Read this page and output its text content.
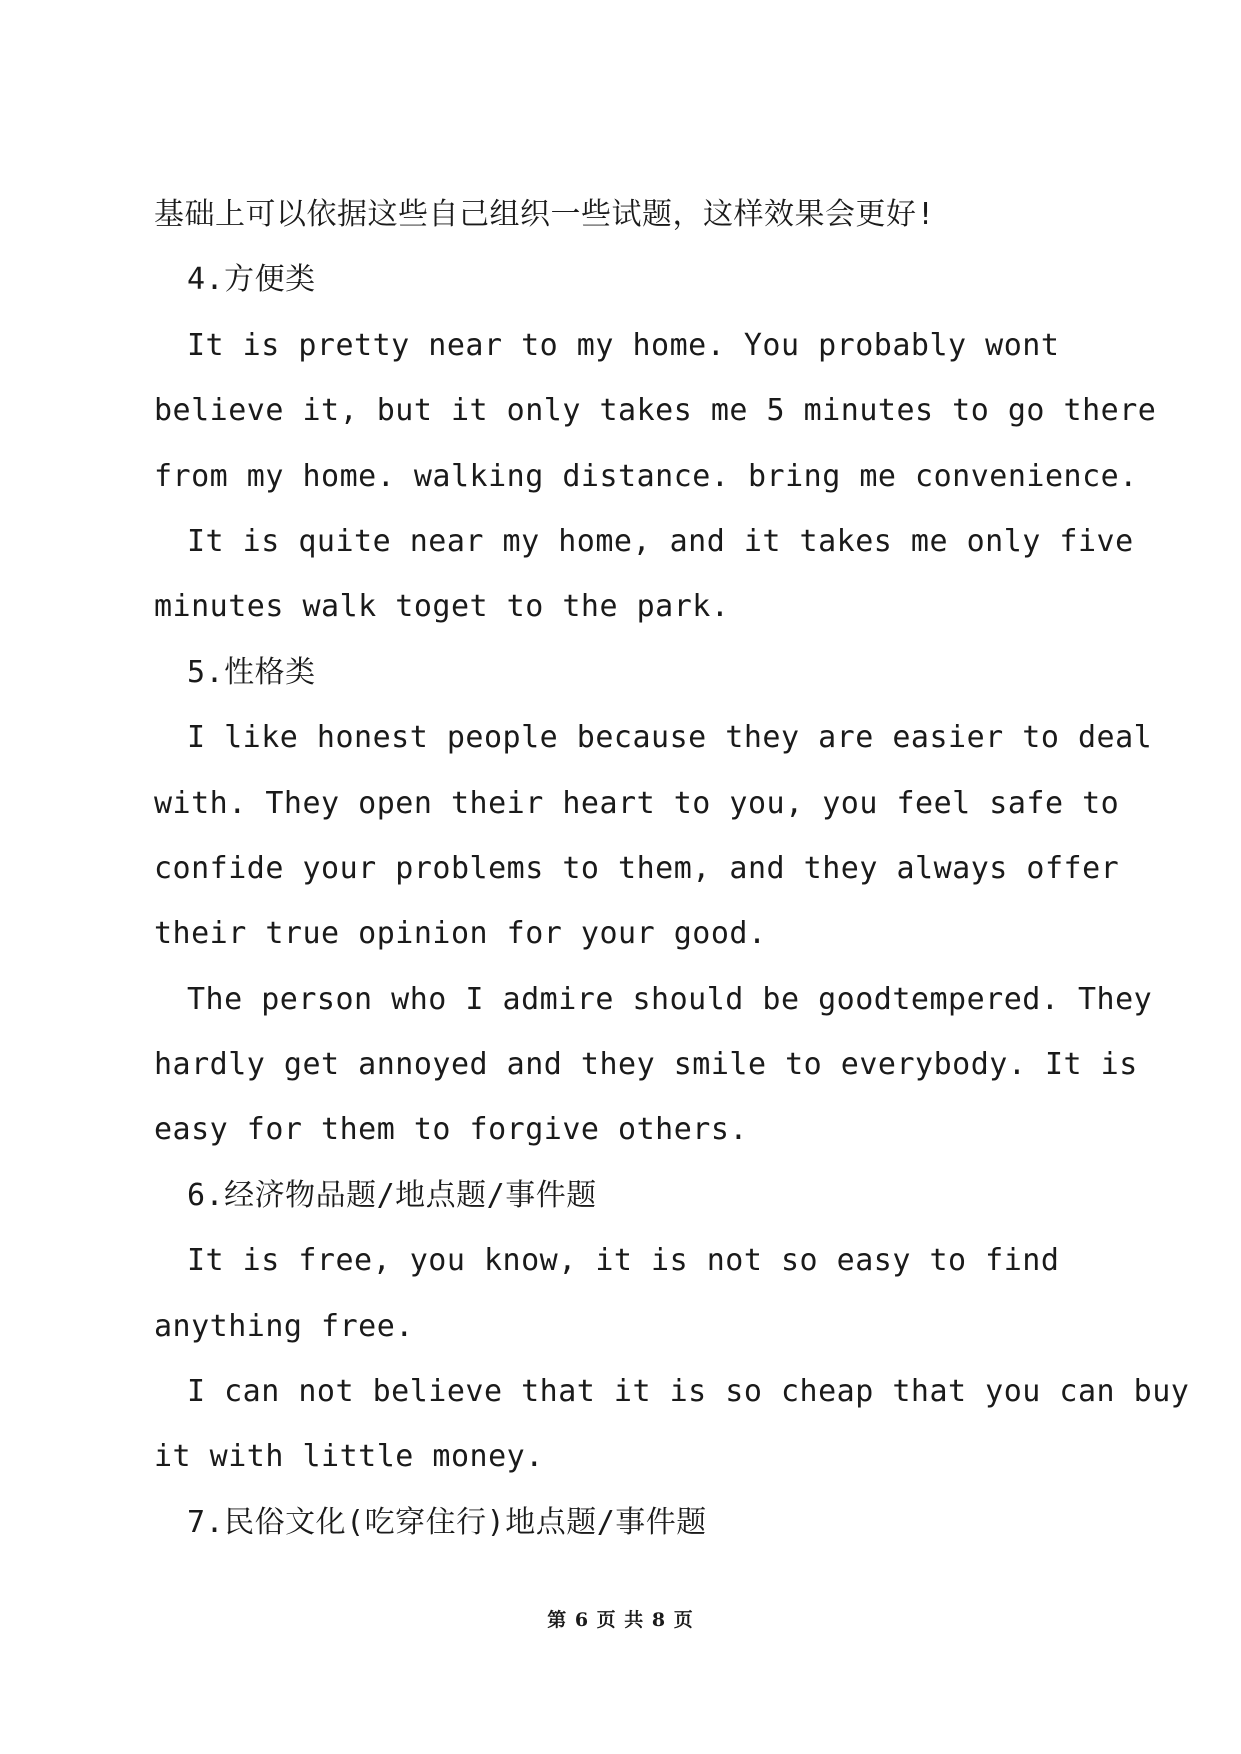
基础上可以依据这些自己组织一些试题，这样效果会更好!
4.方便类
It is pretty near to my home. You probably wont
believe it, but it only takes me 5 minutes to go there
from my home. walking distance. bring me convenience.
It is quite near my home, and it takes me only five
minutes walk toget to the park.
5.性格类
I like honest people because they are easier to deal
with. They open their heart to you, you feel safe to
confide your problems to them, and they always offer
their true opinion for your good.
The person who I admire should be goodtempered. They
hardly get annoyed and they smile to everybody. It is
easy for them to forgive others.
6.经济物品题/地点题/事件题
It is free, you know, it is not so easy to find
anything free.
I can not believe that it is so cheap that you can buy
it with little money.
7.民俗文化(吃穿住行)地点题/事件题
第 6 页 共 8 页
